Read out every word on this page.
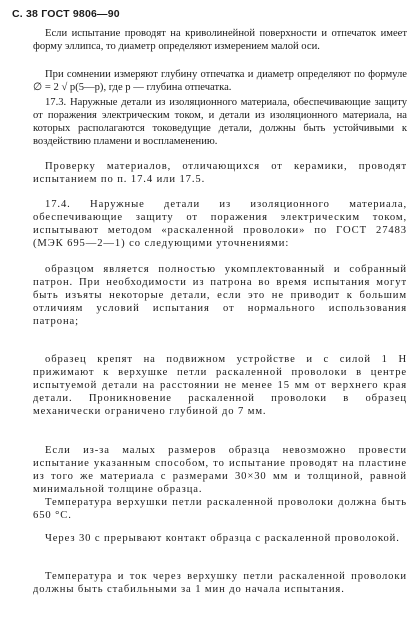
С. 38 ГОСТ 9806—90
Если испытание проводят на криволинейной поверхности и отпечаток имеет форму эллипса, то диаметр определяют измерением малой оси.
При сомнении измеряют глубину отпечатка и диаметр определяют по формуле ∅ = 2 √ p(5—p), где p — глубина отпечатка.
17.3. Наружные детали из изоляционного материала, обеспечивающие защиту от поражения электрическим током, и детали из изоляционного материала, на которых располагаются токоведущие детали, должны быть устойчивыми к воздействию пламени и воспламенению.
Проверку материалов, отличающихся от керамики, проводят испытанием по п. 17.4 или 17.5.
17.4. Наружные детали из изоляционного материала, обеспечивающие защиту от поражения электрическим током, испытывают методом «раскаленной проволоки» по ГОСТ 27483 (МЭК 695—2—1) со следующими уточнениями:
образцом является полностью укомплектованный и собранный патрон. При необходимости из патрона во время испытания могут быть изъяты некоторые детали, если это не приводит к большим отличиям условий испытания от нормального использования патрона;
образец крепят на подвижном устройстве и с силой 1 Н прижимают к верхушке петли раскаленной проволоки в центре испытуемой детали на расстоянии не менее 15 мм от верхнего края детали. Проникновение раскаленной проволоки в образец механически ограничено глубиной до 7 мм.
Если из-за малых размеров образца невозможно провести испытание указанным способом, то испытание проводят на пластине из того же материала с размерами 30×30 мм и толщиной, равной минимальной толщине образца.
Температура верхушки петли раскаленной проволоки должна быть 650 °С.
Через 30 с прерывают контакт образца с раскаленной проволокой.
Температура и ток через верхушку петли раскаленной проволоки должны быть стабильными за 1 мин до начала испытания.
